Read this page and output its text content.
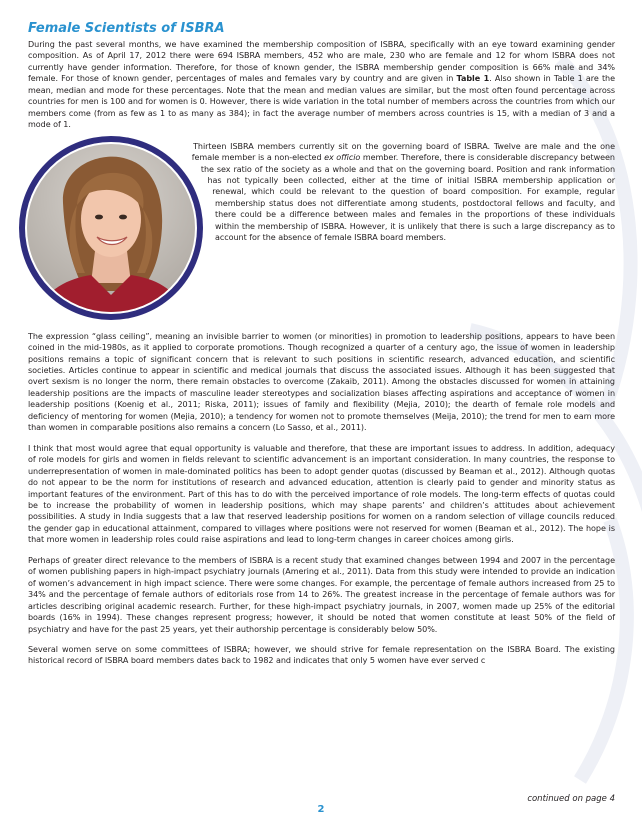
Female Scientists of ISBRA

During the past several months, we have examined the membership composition of ISBRA, specifically with an eye toward examining gender composition. As of April 17, 2012 there were 694 ISBRA members, 452 who are male, 230 who are female and 12 for whom ISBRA does not currently have gender information. Therefore, for those of known gender, the ISBRA membership gender composition is 66% male and 34% female. For those of known gender, percentages of males and females vary by country and are given in Table 1. Also shown in Table 1 are the mean, median and mode for these percentages. Note that the mean and median values are similar, but the most often found percentage across countries for men is 100 and for women is 0. However, there is wide variation in the total number of members across the countries from which our members come (from as few as 1 to as many as 384); in fact the average number of members across countries is 15, with a median of 3 and a mode of 1.

Thirteen ISBRA members currently sit on the governing board of ISBRA. Twelve are male and the one female member is a non-elected ex officio member. Therefore, there is considerable discrepancy between the sex ratio of the society as a whole and that on the governing board. Position and rank information has not typically been collected, either at the time of initial ISBRA membership application or renewal, which could be relevant to the question of board composition. For example, regular membership status does not differentiate among students, postdoctoral fellows and faculty, and there could be a difference between males and females in the proportions of these individuals within the membership of ISBRA. However, it is unlikely that there is such a large discrepancy as to account for the absence of female ISBRA board members.

The expression “glass ceiling”, meaning an invisible barrier to women (or minorities) in promotion to leadership positions, appears to have been coined in the mid-1980s, as it applied to corporate promotions. Though recognized a quarter of a century ago, the issue of women in leadership positions remains a topic of significant concern that is relevant to such positions in scientific research, advanced education, and scientific societies. Articles continue to appear in scientific and medical journals that discuss the associated issues. Although it has been suggested that overt sexism is no longer the norm, there remain obstacles to overcome (Zakaib, 2011). Among the obstacles discussed for women in attaining leadership positions are the impacts of masculine leader stereotypes and socialization biases affecting aspirations and acceptance of women in leadership positions (Koenig et al., 2011; Riska, 2011); issues of family and flexibility (Mejia, 2010); the dearth of female role models and deficiency of mentoring for women (Mejia, 2010); a tendency for women not to promote themselves (Meija, 2010); the trend for men to earn more than women in comparable positions also remains a concern (Lo Sasso, et al., 2011).

I think that most would agree that equal opportunity is valuable and therefore, that these are important issues to address. In addition, adequacy of role models for girls and women in fields relevant to scientific advancement is an important consideration. In many countries, the response to underrepresentation of women in male-dominated politics has been to adopt gender quotas (discussed by Beaman et al., 2012). Although quotas do not appear to be the norm for institutions of research and advanced education, attention is clearly paid to gender and minority status as important features of the environment. Part of this has to do with the perceived importance of role models. The long-term effects of quotas could be to increase the probability of women in leadership positions, which may shape parents’ and children’s attitudes about achievement possibilities. A study in India suggests that a law that reserved leadership positions for women on a random selection of village councils reduced the gender gap in educational attainment, compared to villages where positions were not reserved for women (Beaman et al., 2012). The hope is that more women in leadership roles could raise aspirations and lead to long-term changes in career choices among girls.

Perhaps of greater direct relevance to the members of ISBRA is a recent study that examined changes between 1994 and 2007 in the percentage of women publishing papers in high-impact psychiatry journals (Amering et al., 2011). Data from this study were intended to provide an indication of women’s advancement in high impact science. There were some changes. For example, the percentage of female authors increased from 25 to 34% and the percentage of female authors of editorials rose from 14 to 26%. The greatest increase in the percentage of female authors was for articles describing original academic research. Further, for these high-impact psychiatry journals, in 2007, women made up 25% of the editorial boards (16% in 1994). These changes represent progress; however, it should be noted that women constitute at least 50% of the field of psychiatry and have for the past 25 years, yet their authorship percentage is considerably below 50%.

Several women serve on some committees of ISBRA; however, we should strive for female representation on the ISBRA Board. The existing historical record of ISBRA board members dates back to 1982 and indicates that only 5 women have ever served c

continued on page 4
2
